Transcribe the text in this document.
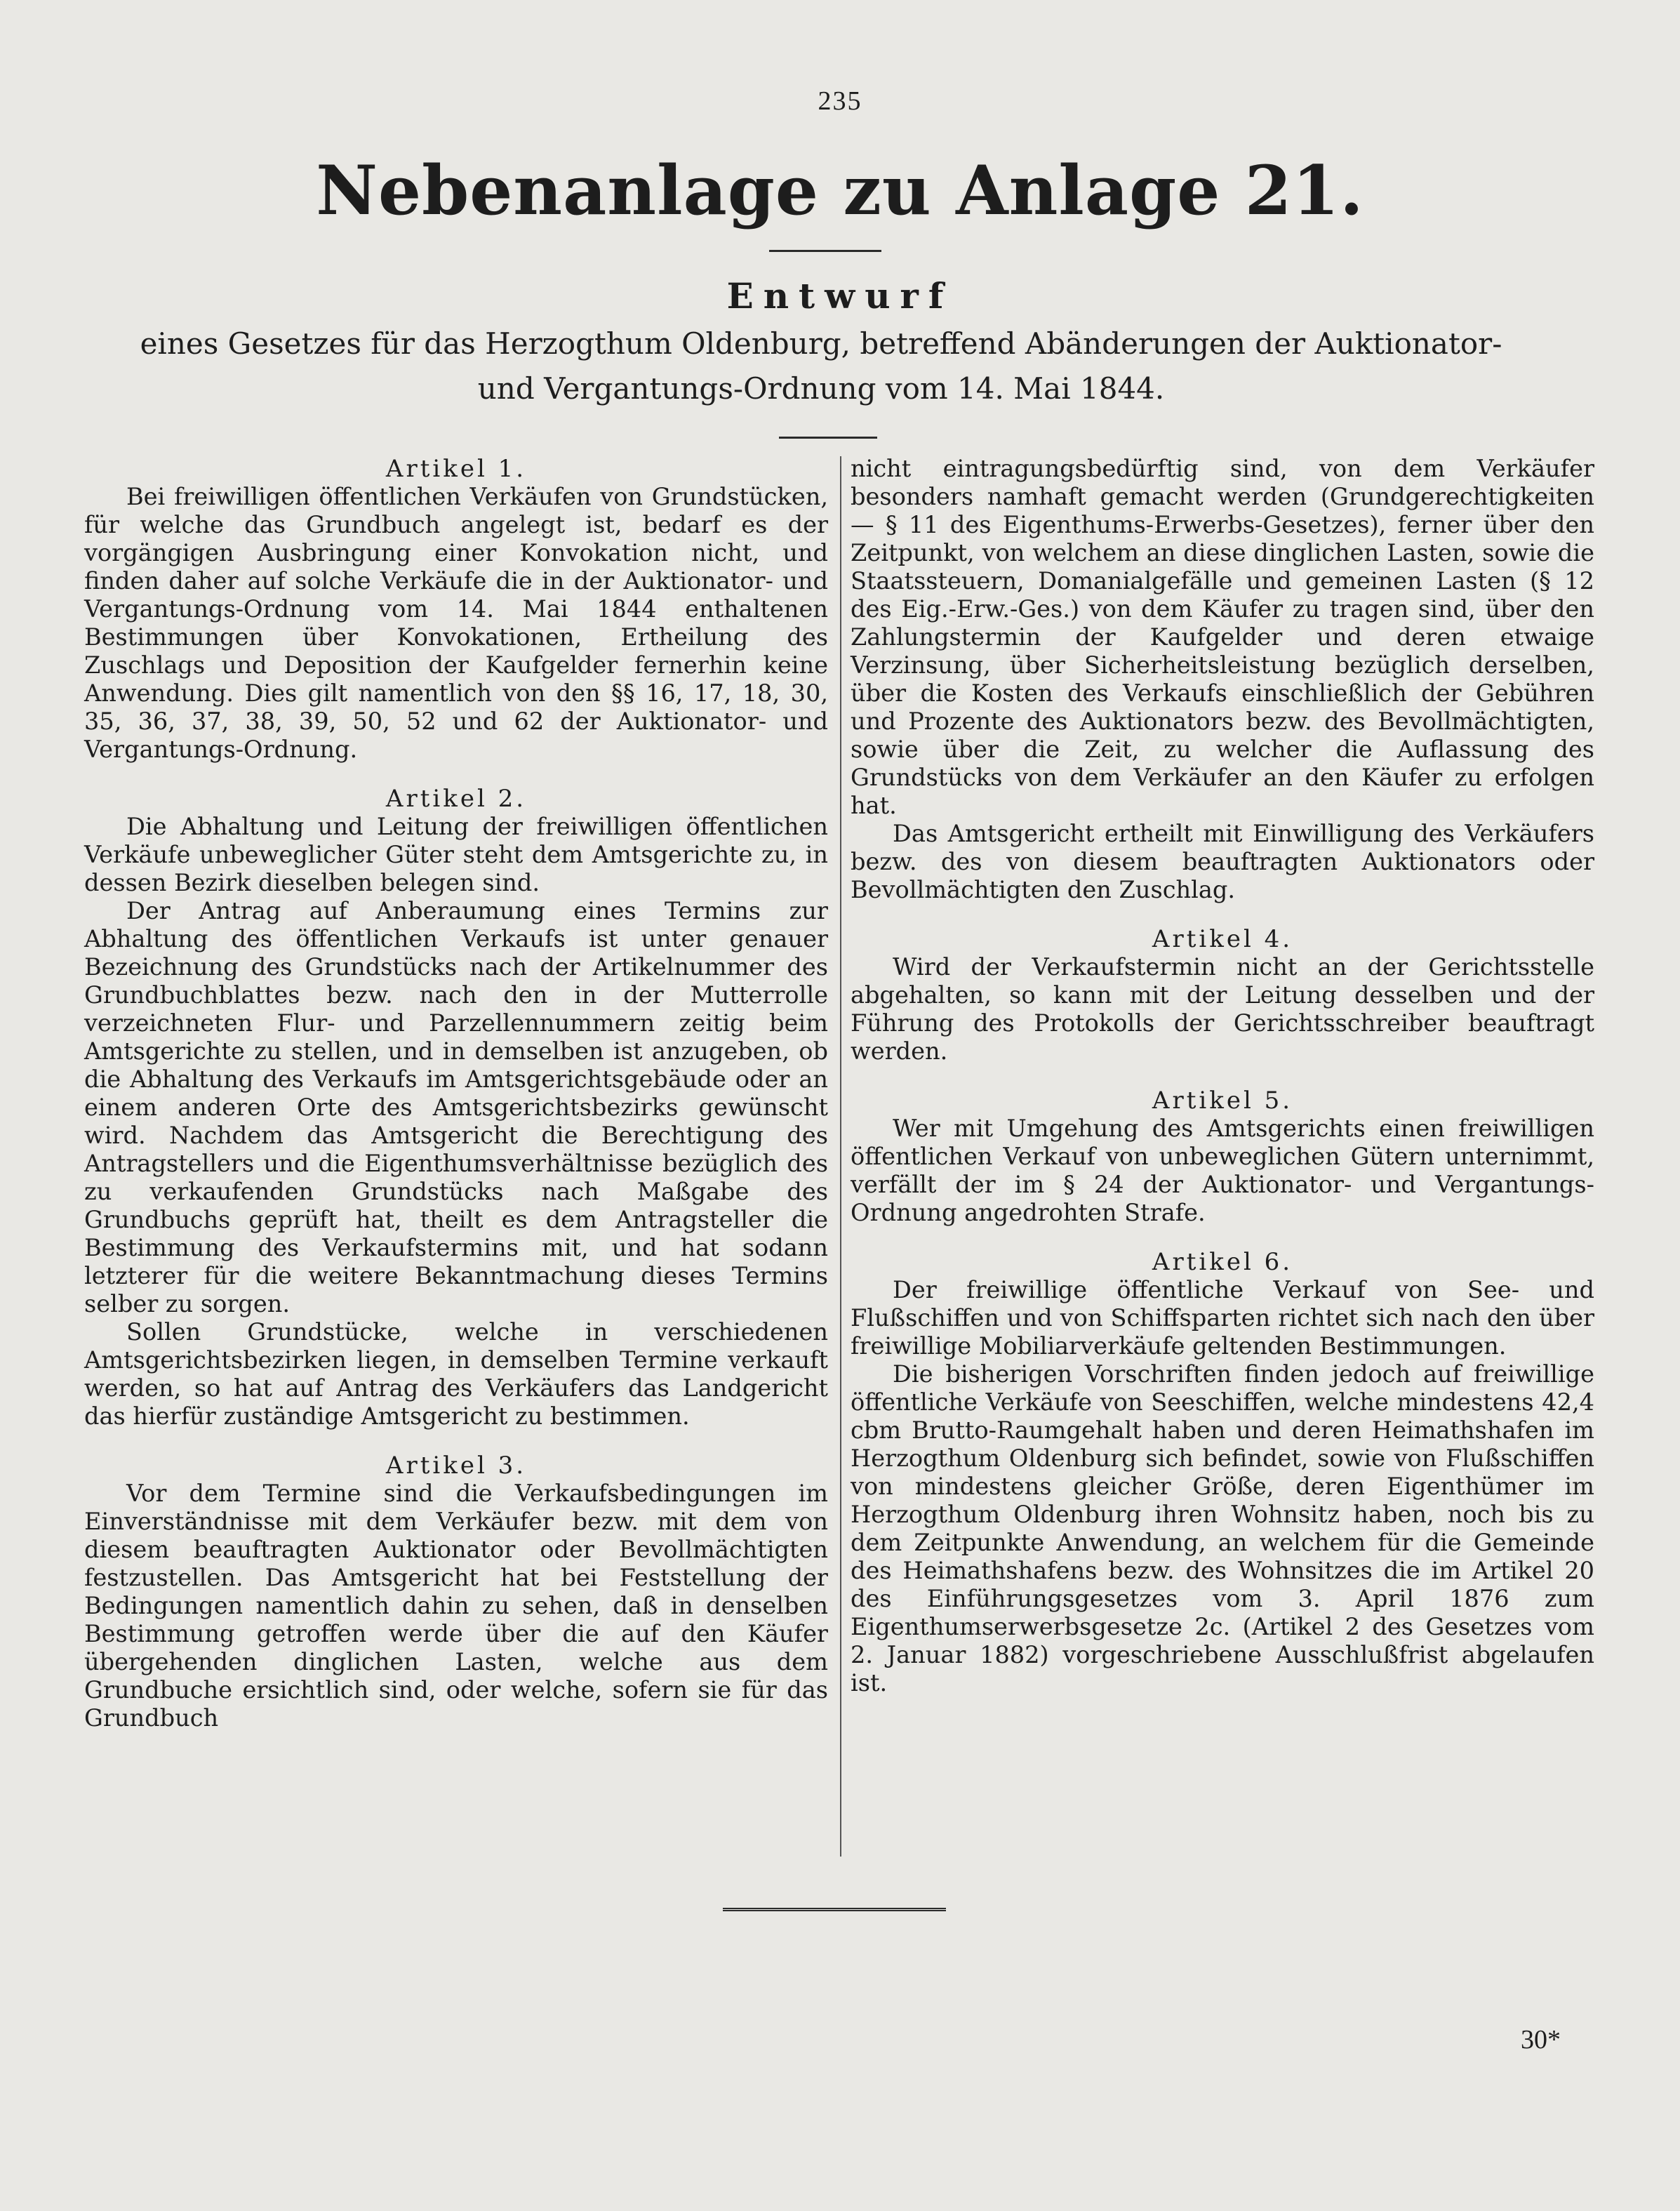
235
Nebenanlage zu Anlage 21.
Entwurf
eines Gesetzes für das Herzogthum Oldenburg, betreffend Abänderungen der Auktionator- und Vergantungs-Ordnung vom 14. Mai 1844.

Artikel 1.

Bei freiwilligen öffentlichen Verkäufen von Grundstücken, für welche das Grundbuch angelegt ist, bedarf es der vorgängigen Ausbringung einer Konvokation nicht, und finden daher auf solche Verkäufe die in der Auktionator- und Vergantungs-Ordnung vom 14. Mai 1844 enthaltenen Bestimmungen über Konvokationen, Ertheilung des Zuschlags und Deposition der Kaufgelder fernerhin keine Anwendung. Dies gilt namentlich von den §§ 16, 17, 18, 30, 35, 36, 37, 38, 39, 50, 52 und 62 der Auktionator- und Vergantungs-Ordnung.

Artikel 2.

Die Abhaltung und Leitung der freiwilligen öffentlichen Verkäufe unbeweglicher Güter steht dem Amtsgerichte zu, in dessen Bezirk dieselben belegen sind.

Der Antrag auf Anberaumung eines Termins zur Abhaltung des öffentlichen Verkaufs ist unter genauer Bezeichnung des Grundstücks nach der Artikelnummer des Grundbuchblattes bezw. nach den in der Mutterrolle verzeichneten Flur- und Parzellennummern zeitig beim Amtsgerichte zu stellen, und in demselben ist anzugeben, ob die Abhaltung des Verkaufs im Amtsgerichtsgebäude oder an einem anderen Orte des Amtsgerichtsbezirks gewünscht wird. Nachdem das Amtsgericht die Berechtigung des Antragstellers und die Eigenthumsverhältnisse bezüglich des zu verkaufenden Grundstücks nach Maßgabe des Grundbuchs geprüft hat, theilt es dem Antragsteller die Bestimmung des Verkaufstermins mit, und hat sodann letzterer für die weitere Bekanntmachung dieses Termins selber zu sorgen.

Sollen Grundstücke, welche in verschiedenen Amtsgerichtsbezirken liegen, in demselben Termine verkauft werden, so hat auf Antrag des Verkäufers das Landgericht das hierfür zuständige Amtsgericht zu bestimmen.

Artikel 3.

Vor dem Termine sind die Verkaufsbedingungen im Einverständnisse mit dem Verkäufer bezw. mit dem von diesem beauftragten Auktionator oder Bevollmächtigten festzustellen. Das Amtsgericht hat bei Feststellung der Bedingungen namentlich dahin zu sehen, daß in denselben Bestimmung getroffen werde über die auf den Käufer übergehenden dinglichen Lasten, welche aus dem Grundbuche ersichtlich sind, oder welche, sofern sie für das Grundbuch

nicht eintragungsbedürftig sind, von dem Verkäufer besonders namhaft gemacht werden (Grundgerechtigkeiten — § 11 des Eigenthums-Erwerbs-Gesetzes), ferner über den Zeitpunkt, von welchem an diese dinglichen Lasten, sowie die Staatssteuern, Domanialgefälle und gemeinen Lasten (§ 12 des Eig.-Erw.-Ges.) von dem Käufer zu tragen sind, über den Zahlungstermin der Kaufgelder und deren etwaige Verzinsung, über Sicherheitsleistung bezüglich derselben, über die Kosten des Verkaufs einschließlich der Gebühren und Prozente des Auktionators bezw. des Bevollmächtigten, sowie über die Zeit, zu welcher die Auflassung des Grundstücks von dem Verkäufer an den Käufer zu erfolgen hat.

Das Amtsgericht ertheilt mit Einwilligung des Verkäufers bezw. des von diesem beauftragten Auktionators oder Bevollmächtigten den Zuschlag.

Artikel 4.

Wird der Verkaufstermin nicht an der Gerichtsstelle abgehalten, so kann mit der Leitung desselben und der Führung des Protokolls der Gerichtsschreiber beauftragt werden.

Artikel 5.

Wer mit Umgehung des Amtsgerichts einen freiwilligen öffentlichen Verkauf von unbeweglichen Gütern unternimmt, verfällt der im § 24 der Auktionator- und Vergantungs-Ordnung angedrohten Strafe.

Artikel 6.

Der freiwillige öffentliche Verkauf von See- und Flußschiffen und von Schiffsparten richtet sich nach den über freiwillige Mobiliarverkäufe geltenden Bestimmungen.

Die bisherigen Vorschriften finden jedoch auf freiwillige öffentliche Verkäufe von Seeschiffen, welche mindestens 42,4 cbm Brutto-Raumgehalt haben und deren Heimathshafen im Herzogthum Oldenburg sich befindet, sowie von Flußschiffen von mindestens gleicher Größe, deren Eigenthümer im Herzogthum Oldenburg ihren Wohnsitz haben, noch bis zu dem Zeitpunkte Anwendung, an welchem für die Gemeinde des Heimathshafens bezw. des Wohnsitzes die im Artikel 20 des Einführungsgesetzes vom 3. April 1876 zum Eigenthumserwerbsgesetze 2c. (Artikel 2 des Gesetzes vom 2. Januar 1882) vorgeschriebene Ausschlußfrist abgelaufen ist.

30*
